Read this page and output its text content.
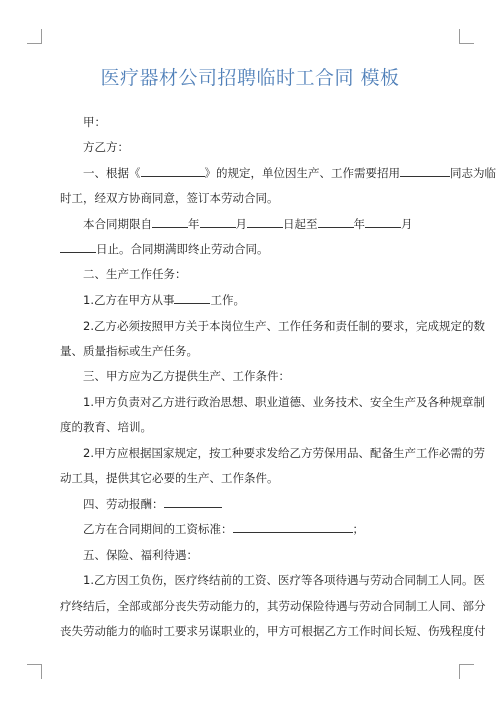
医疗器材公司招聘临时工合同 模板
甲：
方乙方：
一、根据《	》的规定，单位因生产、工作需要招用	同志为临
时工，经双方协商同意，签订本劳动合同。
本合同期限自	年	月	日起至	年	月
日止。合同期满即终止劳动合同。
二、生产工作任务：
1.乙方在甲方从事	工作。
2.乙方必须按照甲方关于本岗位生产、工作任务和责任制的要求，完成规定的数
量、质量指标或生产任务。
三、甲方应为乙方提供生产、工作条件：
1.甲方负责对乙方进行政治思想、职业道德、业务技术、安全生产及各种规章制
度的教育、培训。
2.甲方应根据国家规定，按工种要求发给乙方劳保用品、配备生产工作必需的劳
动工具，提供其它必要的生产、工作条件。
四、劳动报酬：
乙方在合同期间的工资标准：	；
五、保险、福利待遇：
1.乙方因工负伤，医疗终结前的工资、医疗等各项待遇与劳动合同制工人同。医
疗终结后，全部或部分丧失劳动能力的，其劳动保险待遇与劳动合同制工人同、部分
丧失劳动能力的临时工要求另谋职业的，甲方可根据乙方工作时间长短、伤残程度付
